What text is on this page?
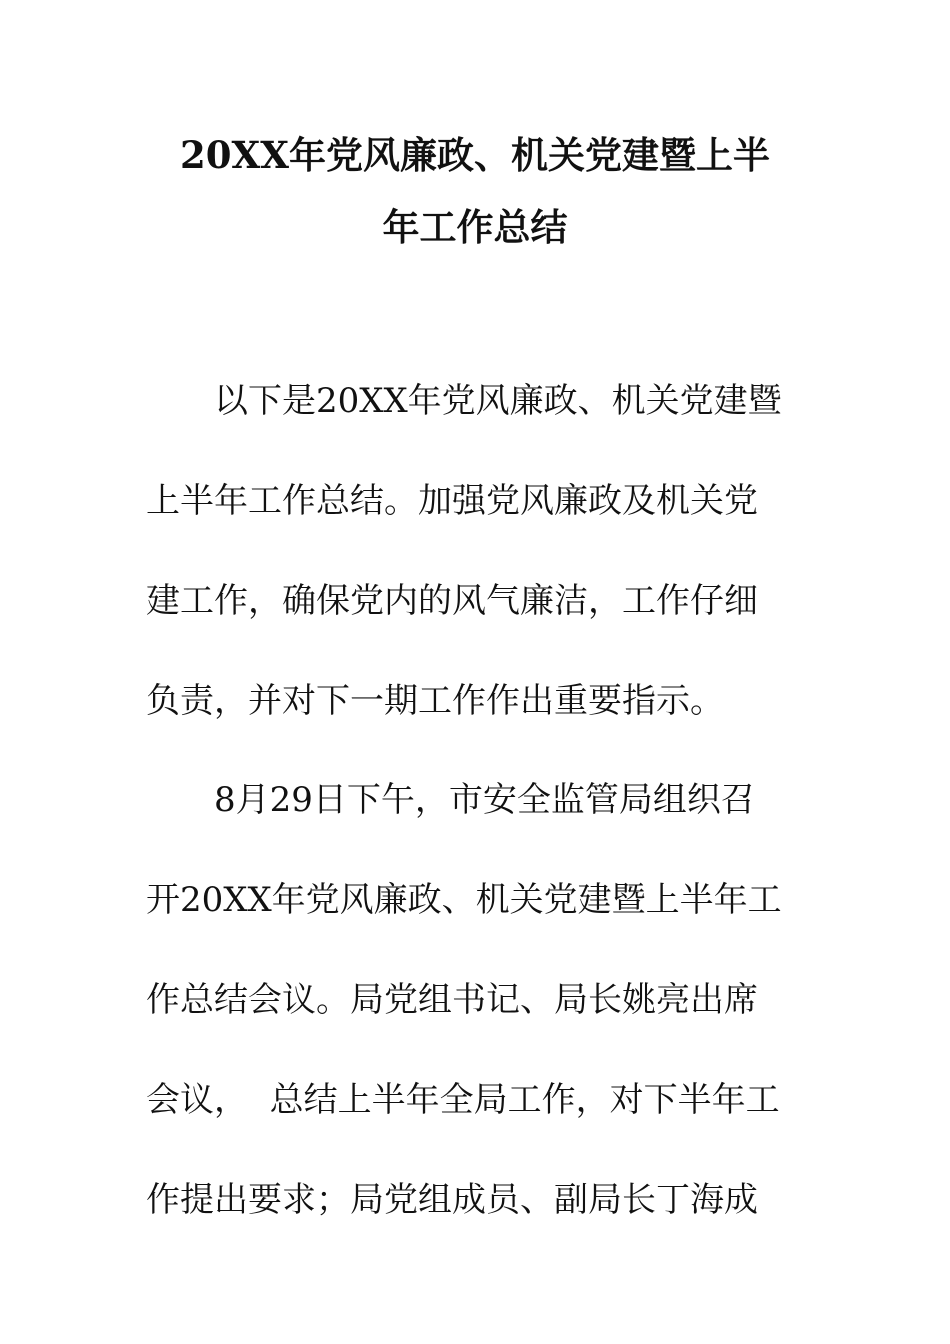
20XX年党风廉政、机关党建暨上半
年工作总结

以下是20XX年党风廉政、机关党建暨

上半年工作总结。加强党风廉政及机关党

建工作，确保党内的风气廉洁，工作仔细

负责，并对下一期工作作出重要指示。

8月29日下午，市安全监管局组织召

开20XX年党风廉政、机关党建暨上半年工

作总结会议。局党组书记、局长姚亮出席

会议，  总结上半年全局工作，对下半年工

作提出要求；局党组成员、副局长丁海成
